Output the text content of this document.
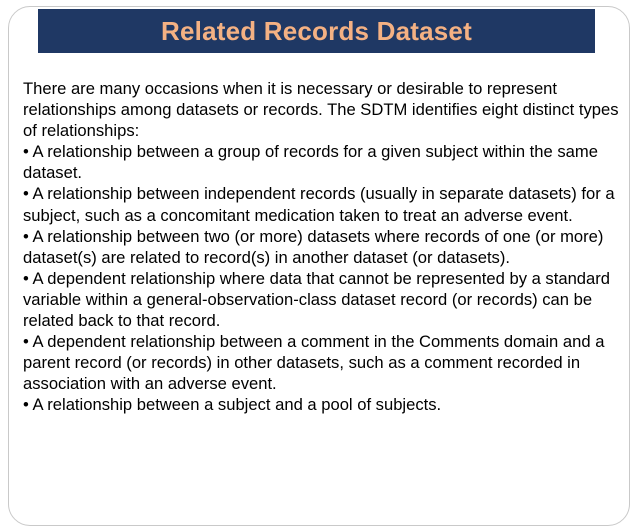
Related Records Dataset

There are many occasions when it is necessary or desirable to represent relationships among datasets or records. The SDTM identifies eight distinct types of relationships:

• A relationship between a group of records for a given subject within the same dataset.

• A relationship between independent records (usually in separate datasets) for a subject, such as a concomitant medication taken to treat an adverse event.

• A relationship between two (or more) datasets where records of one (or more) dataset(s) are related to record(s) in another dataset (or datasets).

• A dependent relationship where data that cannot be represented by a standard variable within a general-observation-class dataset record (or records) can be related back to that record.

• A dependent relationship between a comment in the Comments domain and a parent record (or records) in other datasets, such as a comment recorded in association with an adverse event.

• A relationship between a subject and a pool of subjects.
